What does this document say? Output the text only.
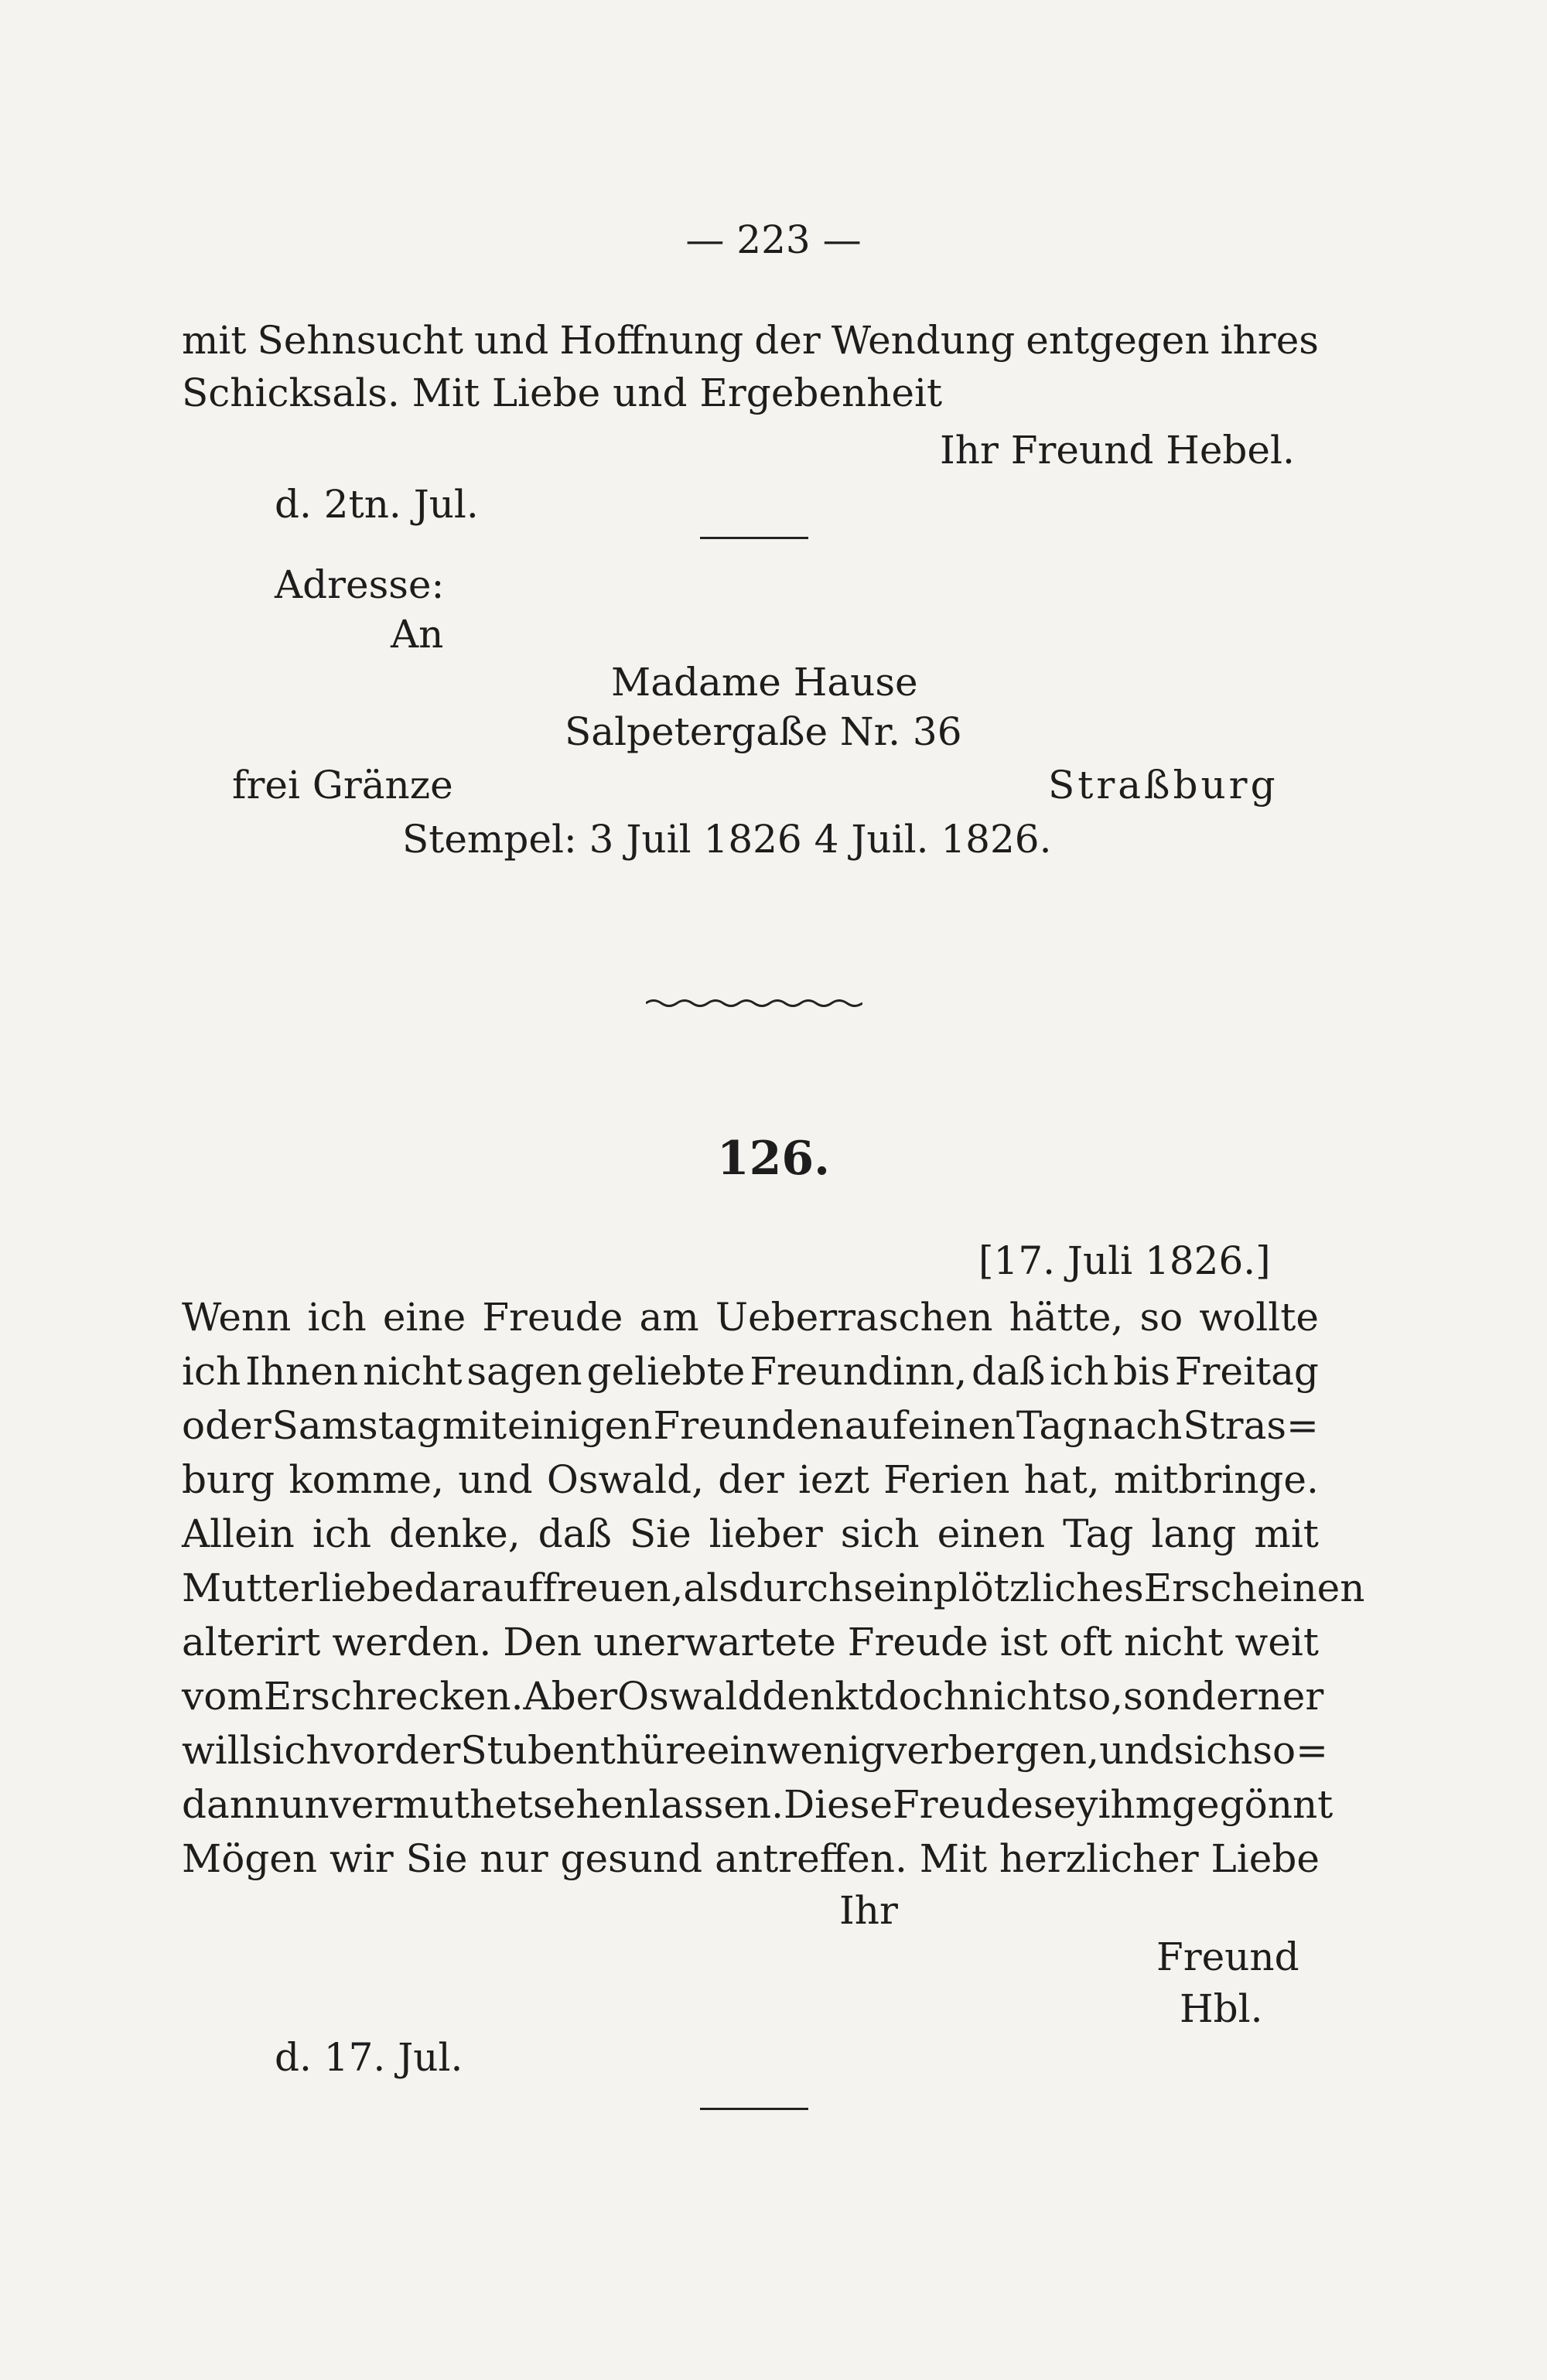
— 223 —
mit Sehnsucht und Hoffnung der Wendung entgegen ihres
Schicksals. Mit Liebe und Ergebenheit
Ihr Freund Hebel.
d. 2tn. Jul.
Adresse:
An
Madame Hause
Salpetergaße Nr. 36
frei Gränze	Straßburg
Stempel: 3 Juil 1826 4 Juil. 1826.
126.
[17. Juli 1826.]
Wenn ich eine Freude am Ueberraschen hätte, so wollte
ich Ihnen nicht sagen geliebte Freundinn, daß ich bis Freitag
oder Samstag mit einigen Freunden auf einen Tag nach Stras=
burg komme, und Oswald, der iezt Ferien hat, mitbringe.
Allein ich denke, daß Sie lieber sich einen Tag lang mit
Mutterliebe darauf freuen, als durch sein plötzliches Erscheinen
alterirt werden. Den unerwartete Freude ist oft nicht weit
vom Erschrecken. Aber Oswald denkt doch nicht so, sondern er
will sich vor der Stubenthüre ein wenig verbergen, und sich so=
dann unvermuthet sehen lassen. Diese Freude sey ihm gegönnt
Mögen wir Sie nur gesund antreffen. Mit herzlicher Liebe
Ihr
Freund
Hbl.
d. 17. Jul.
